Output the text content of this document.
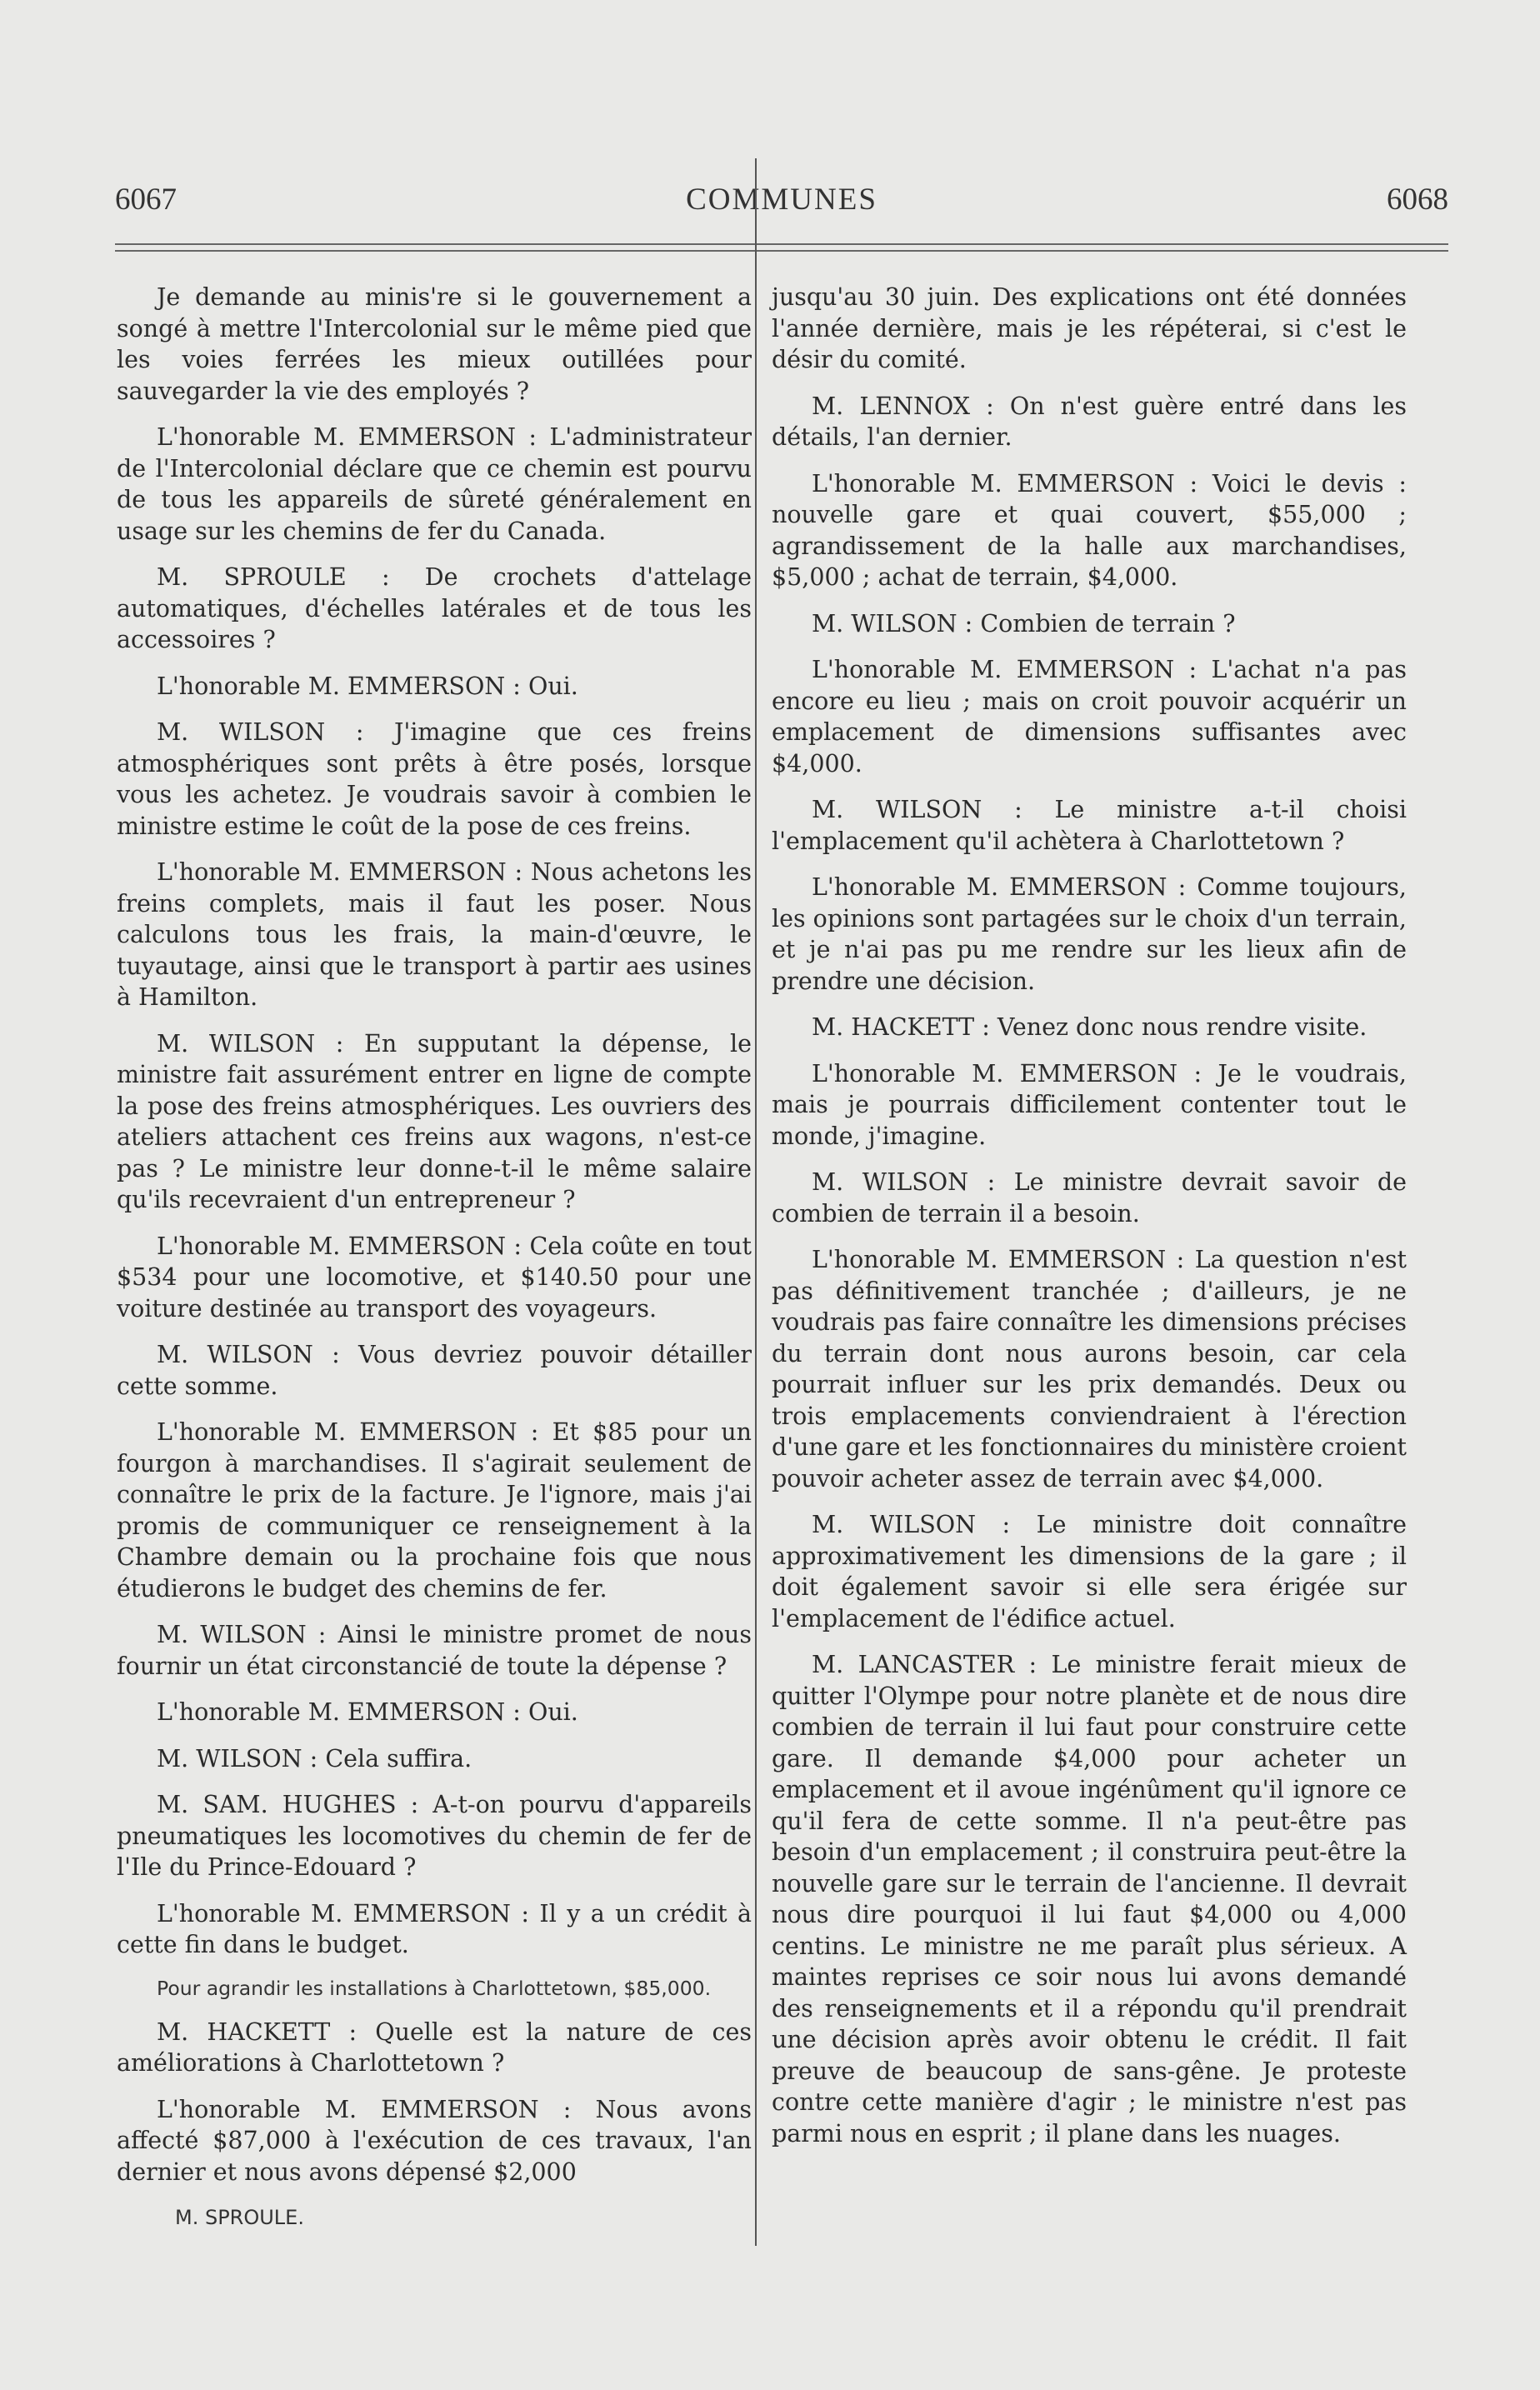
6067	COMMUNES	6068

Je demande au minis're si le gouvernement a songé à mettre l'Intercolonial sur le même pied que les voies ferrées les mieux outillées pour sauvegarder la vie des employés ?

L'honorable M. EMMERSON : L'administrateur de l'Intercolonial déclare que ce chemin est pourvu de tous les appareils de sûreté généralement en usage sur les chemins de fer du Canada.

M. SPROULE : De crochets d'attelage automatiques, d'échelles latérales et de tous les accessoires ?

L'honorable M. EMMERSON : Oui.

M. WILSON : J'imagine que ces freins atmosphériques sont prêts à être posés, lorsque vous les achetez. Je voudrais savoir à combien le ministre estime le coût de la pose de ces freins.

L'honorable M. EMMERSON : Nous achetons les freins complets, mais il faut les poser. Nous calculons tous les frais, la main-d'œuvre, le tuyautage, ainsi que le transport à partir aes usines à Hamilton.

M. WILSON : En supputant la dépense, le ministre fait assurément entrer en ligne de compte la pose des freins atmosphériques. Les ouvriers des ateliers attachent ces freins aux wagons, n'est-ce pas ? Le ministre leur donne-t-il le même salaire qu'ils recevraient d'un entrepreneur ?

L'honorable M. EMMERSON : Cela coûte en tout $534 pour une locomotive, et $140.50 pour une voiture destinée au transport des voyageurs.

M. WILSON : Vous devriez pouvoir détailler cette somme.

L'honorable M. EMMERSON : Et $85 pour un fourgon à marchandises. Il s'agirait seulement de connaître le prix de la facture. Je l'ignore, mais j'ai promis de communiquer ce renseignement à la Chambre demain ou la prochaine fois que nous étudierons le budget des chemins de fer.

M. WILSON : Ainsi le ministre promet de nous fournir un état circonstancié de toute la dépense ?

L'honorable M. EMMERSON : Oui.

M. WILSON : Cela suffira.

M. SAM. HUGHES : A-t-on pourvu d'appareils pneumatiques les locomotives du chemin de fer de l'Ile du Prince-Edouard ?

L'honorable M. EMMERSON : Il y a un crédit à cette fin dans le budget.

Pour agrandir les installations à Charlottetown, $85,000.

M. HACKETT : Quelle est la nature de ces améliorations à Charlottetown ?

L'honorable M. EMMERSON : Nous avons affecté $87,000 à l'exécution de ces travaux, l'an dernier et nous avons dépensé $2,000

M. SPROULE.

jusqu'au 30 juin. Des explications ont été données l'année dernière, mais je les répéterai, si c'est le désir du comité.

M. LENNOX : On n'est guère entré dans les détails, l'an dernier.

L'honorable M. EMMERSON : Voici le devis : nouvelle gare et quai couvert, $55,000 ; agrandissement de la halle aux marchandises, $5,000 ; achat de terrain, $4,000.

M. WILSON : Combien de terrain ?

L'honorable M. EMMERSON : L'achat n'a pas encore eu lieu ; mais on croit pouvoir acquérir un emplacement de dimensions suffisantes avec $4,000.

M. WILSON : Le ministre a-t-il choisi l'emplacement qu'il achètera à Charlottetown ?

L'honorable M. EMMERSON : Comme toujours, les opinions sont partagées sur le choix d'un terrain, et je n'ai pas pu me rendre sur les lieux afin de prendre une décision.

M. HACKETT : Venez donc nous rendre visite.

L'honorable M. EMMERSON : Je le voudrais, mais je pourrais difficilement contenter tout le monde, j'imagine.

M. WILSON : Le ministre devrait savoir de combien de terrain il a besoin.

L'honorable M. EMMERSON : La question n'est pas définitivement tranchée ; d'ailleurs, je ne voudrais pas faire connaître les dimensions précises du terrain dont nous aurons besoin, car cela pourrait influer sur les prix demandés. Deux ou trois emplacements conviendraient à l'érection d'une gare et les fonctionnaires du ministère croient pouvoir acheter assez de terrain avec $4,000.

M. WILSON : Le ministre doit connaître approximativement les dimensions de la gare ; il doit également savoir si elle sera érigée sur l'emplacement de l'édifice actuel.

M. LANCASTER : Le ministre ferait mieux de quitter l'Olympe pour notre planète et de nous dire combien de terrain il lui faut pour construire cette gare. Il demande $4,000 pour acheter un emplacement et il avoue ingénûment qu'il ignore ce qu'il fera de cette somme. Il n'a peut-être pas besoin d'un emplacement ; il construira peut-être la nouvelle gare sur le terrain de l'ancienne. Il devrait nous dire pourquoi il lui faut $4,000 ou 4,000 centins. Le ministre ne me paraît plus sérieux. A maintes reprises ce soir nous lui avons demandé des renseignements et il a répondu qu'il prendrait une décision après avoir obtenu le crédit. Il fait preuve de beaucoup de sans-gêne. Je proteste contre cette manière d'agir ; le ministre n'est pas parmi nous en esprit ; il plane dans les nuages.
